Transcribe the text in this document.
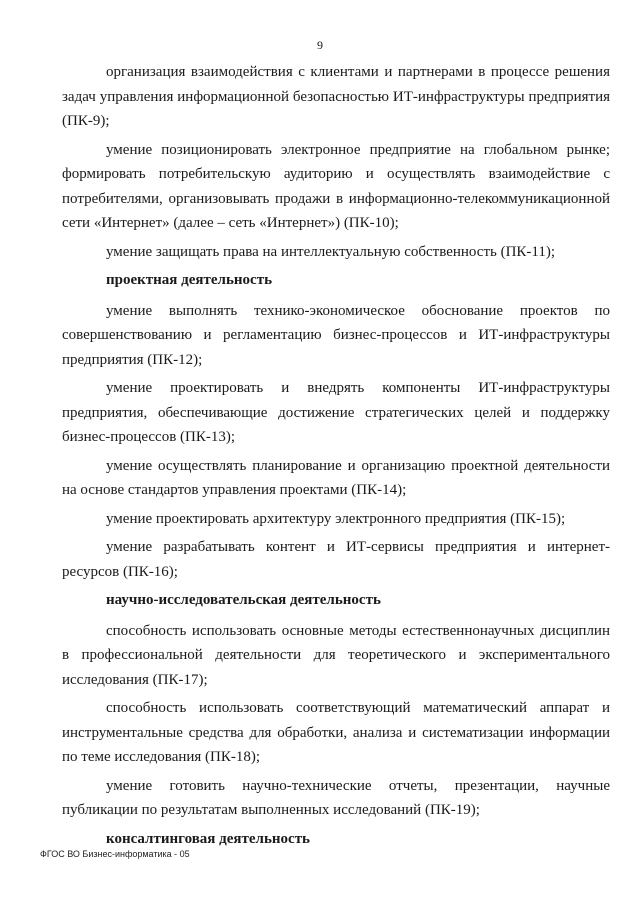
9

организация взаимодействия с клиентами и партнерами в процессе решения задач управления информационной безопасностью ИТ-инфраструктуры предприятия (ПК-9);

умение позиционировать электронное предприятие на глобальном рынке; формировать потребительскую аудиторию и осуществлять взаимодействие с потребителями, организовывать продажи в информационно-телекоммуникационной сети «Интернет» (далее – сеть «Интернет») (ПК-10);

умение защищать права на интеллектуальную собственность (ПК-11);

проектная деятельность

умение выполнять технико-экономическое обоснование проектов по совершенствованию и регламентацию бизнес-процессов и ИТ-инфраструктуры предприятия (ПК-12);

умение проектировать и внедрять компоненты ИТ-инфраструктуры предприятия, обеспечивающие достижение стратегических целей и поддержку бизнес-процессов (ПК-13);

умение осуществлять планирование и организацию проектной деятельности на основе стандартов управления проектами (ПК-14);

умение проектировать архитектуру электронного предприятия (ПК-15);

умение разрабатывать контент и ИТ-сервисы предприятия и интернет-ресурсов (ПК-16);

научно-исследовательская деятельность

способность использовать основные методы естественнонаучных дисциплин в профессиональной деятельности для теоретического и экспериментального исследования (ПК-17);

способность использовать соответствующий математический аппарат и инструментальные средства для обработки, анализа и систематизации информации по теме исследования (ПК-18);

умение готовить научно-технические отчеты, презентации, научные публикации по результатам выполненных исследований (ПК-19);

консалтинговая деятельность

ФГОС ВО Бизнес-информатика - 05
